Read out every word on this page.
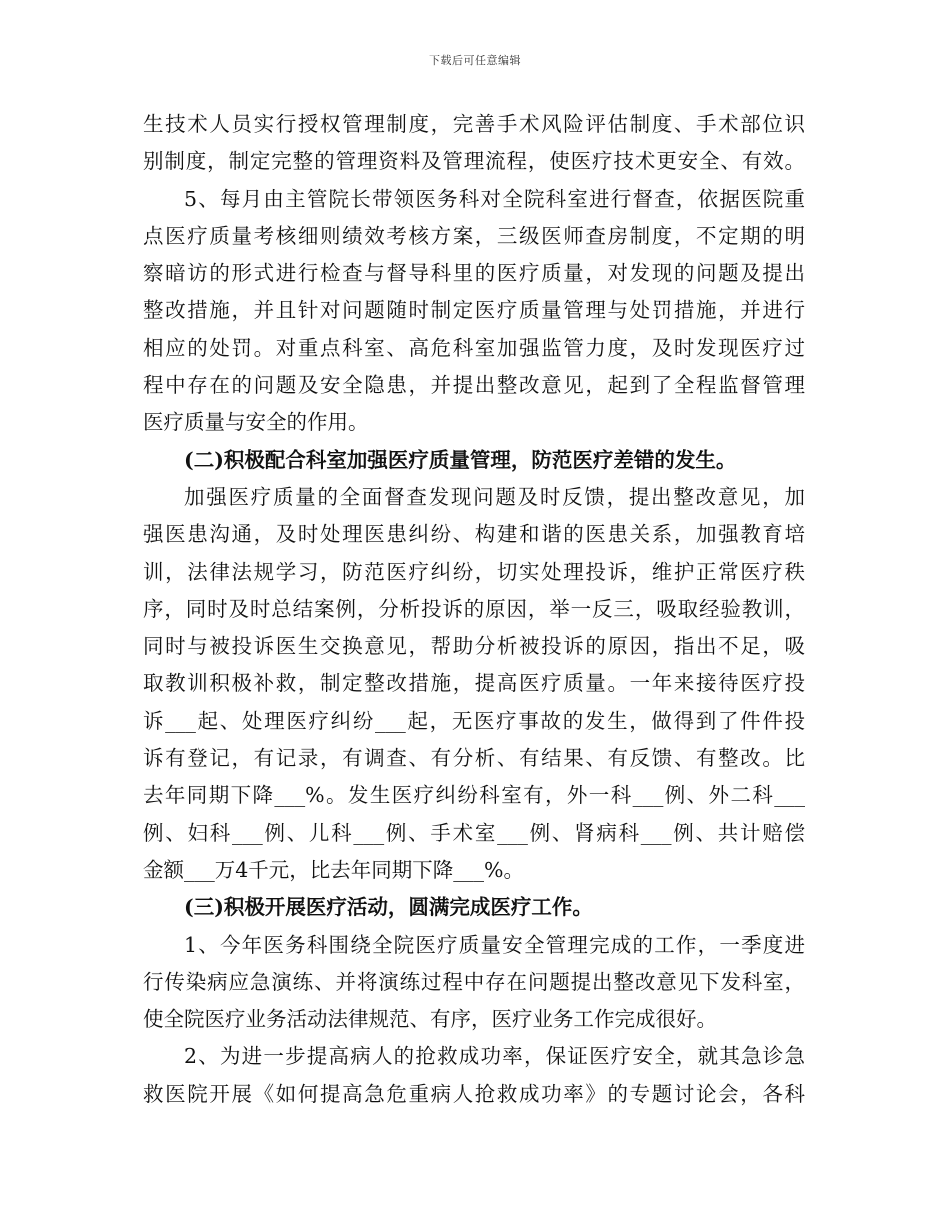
下载后可任意编辑
生技术人员实行授权管理制度，完善手术风险评估制度、手术部位识
别制度，制定完整的管理资料及管理流程，使医疗技术更安全、有效。
5、每月由主管院长带领医务科对全院科室进行督查，依据医院重
点医疗质量考核细则绩效考核方案，三级医师查房制度，不定期的明
察暗访的形式进行检查与督导科里的医疗质量，对发现的问题及提出
整改措施，并且针对问题随时制定医疗质量管理与处罚措施，并进行
相应的处罚。对重点科室、高危科室加强监管力度，及时发现医疗过
程中存在的问题及安全隐患，并提出整改意见，起到了全程监督管理
医疗质量与安全的作用。
(二)积极配合科室加强医疗质量管理，防范医疗差错的发生。
加强医疗质量的全面督查发现问题及时反馈，提出整改意见，加
强医患沟通，及时处理医患纠纷、构建和谐的医患关系，加强教育培
训，法律法规学习，防范医疗纠纷，切实处理投诉，维护正常医疗秩
序，同时及时总结案例，分析投诉的原因，举一反三，吸取经验教训，
同时与被投诉医生交换意见，帮助分析被投诉的原因，指出不足，吸
取教训积极补救，制定整改措施，提高医疗质量。一年来接待医疗投
诉___起、处理医疗纠纷___起，无医疗事故的发生，做得到了件件投
诉有登记，有记录，有调查、有分析、有结果、有反馈、有整改。比
去年同期下降___%。发生医疗纠纷科室有，外一科___例、外二科___
例、妇科___例、儿科___例、手术室___例、肾病科___例、共计赔偿
金额___万4千元，比去年同期下降___%。
(三)积极开展医疗活动，圆满完成医疗工作。
1、今年医务科围绕全院医疗质量安全管理完成的工作，一季度进
行传染病应急演练、并将演练过程中存在问题提出整改意见下发科室，
使全院医疗业务活动法律规范、有序，医疗业务工作完成很好。
2、为进一步提高病人的抢救成功率，保证医疗安全，就其急诊急
救医院开展《如何提高急危重病人抢救成功率》的专题讨论会，各科
